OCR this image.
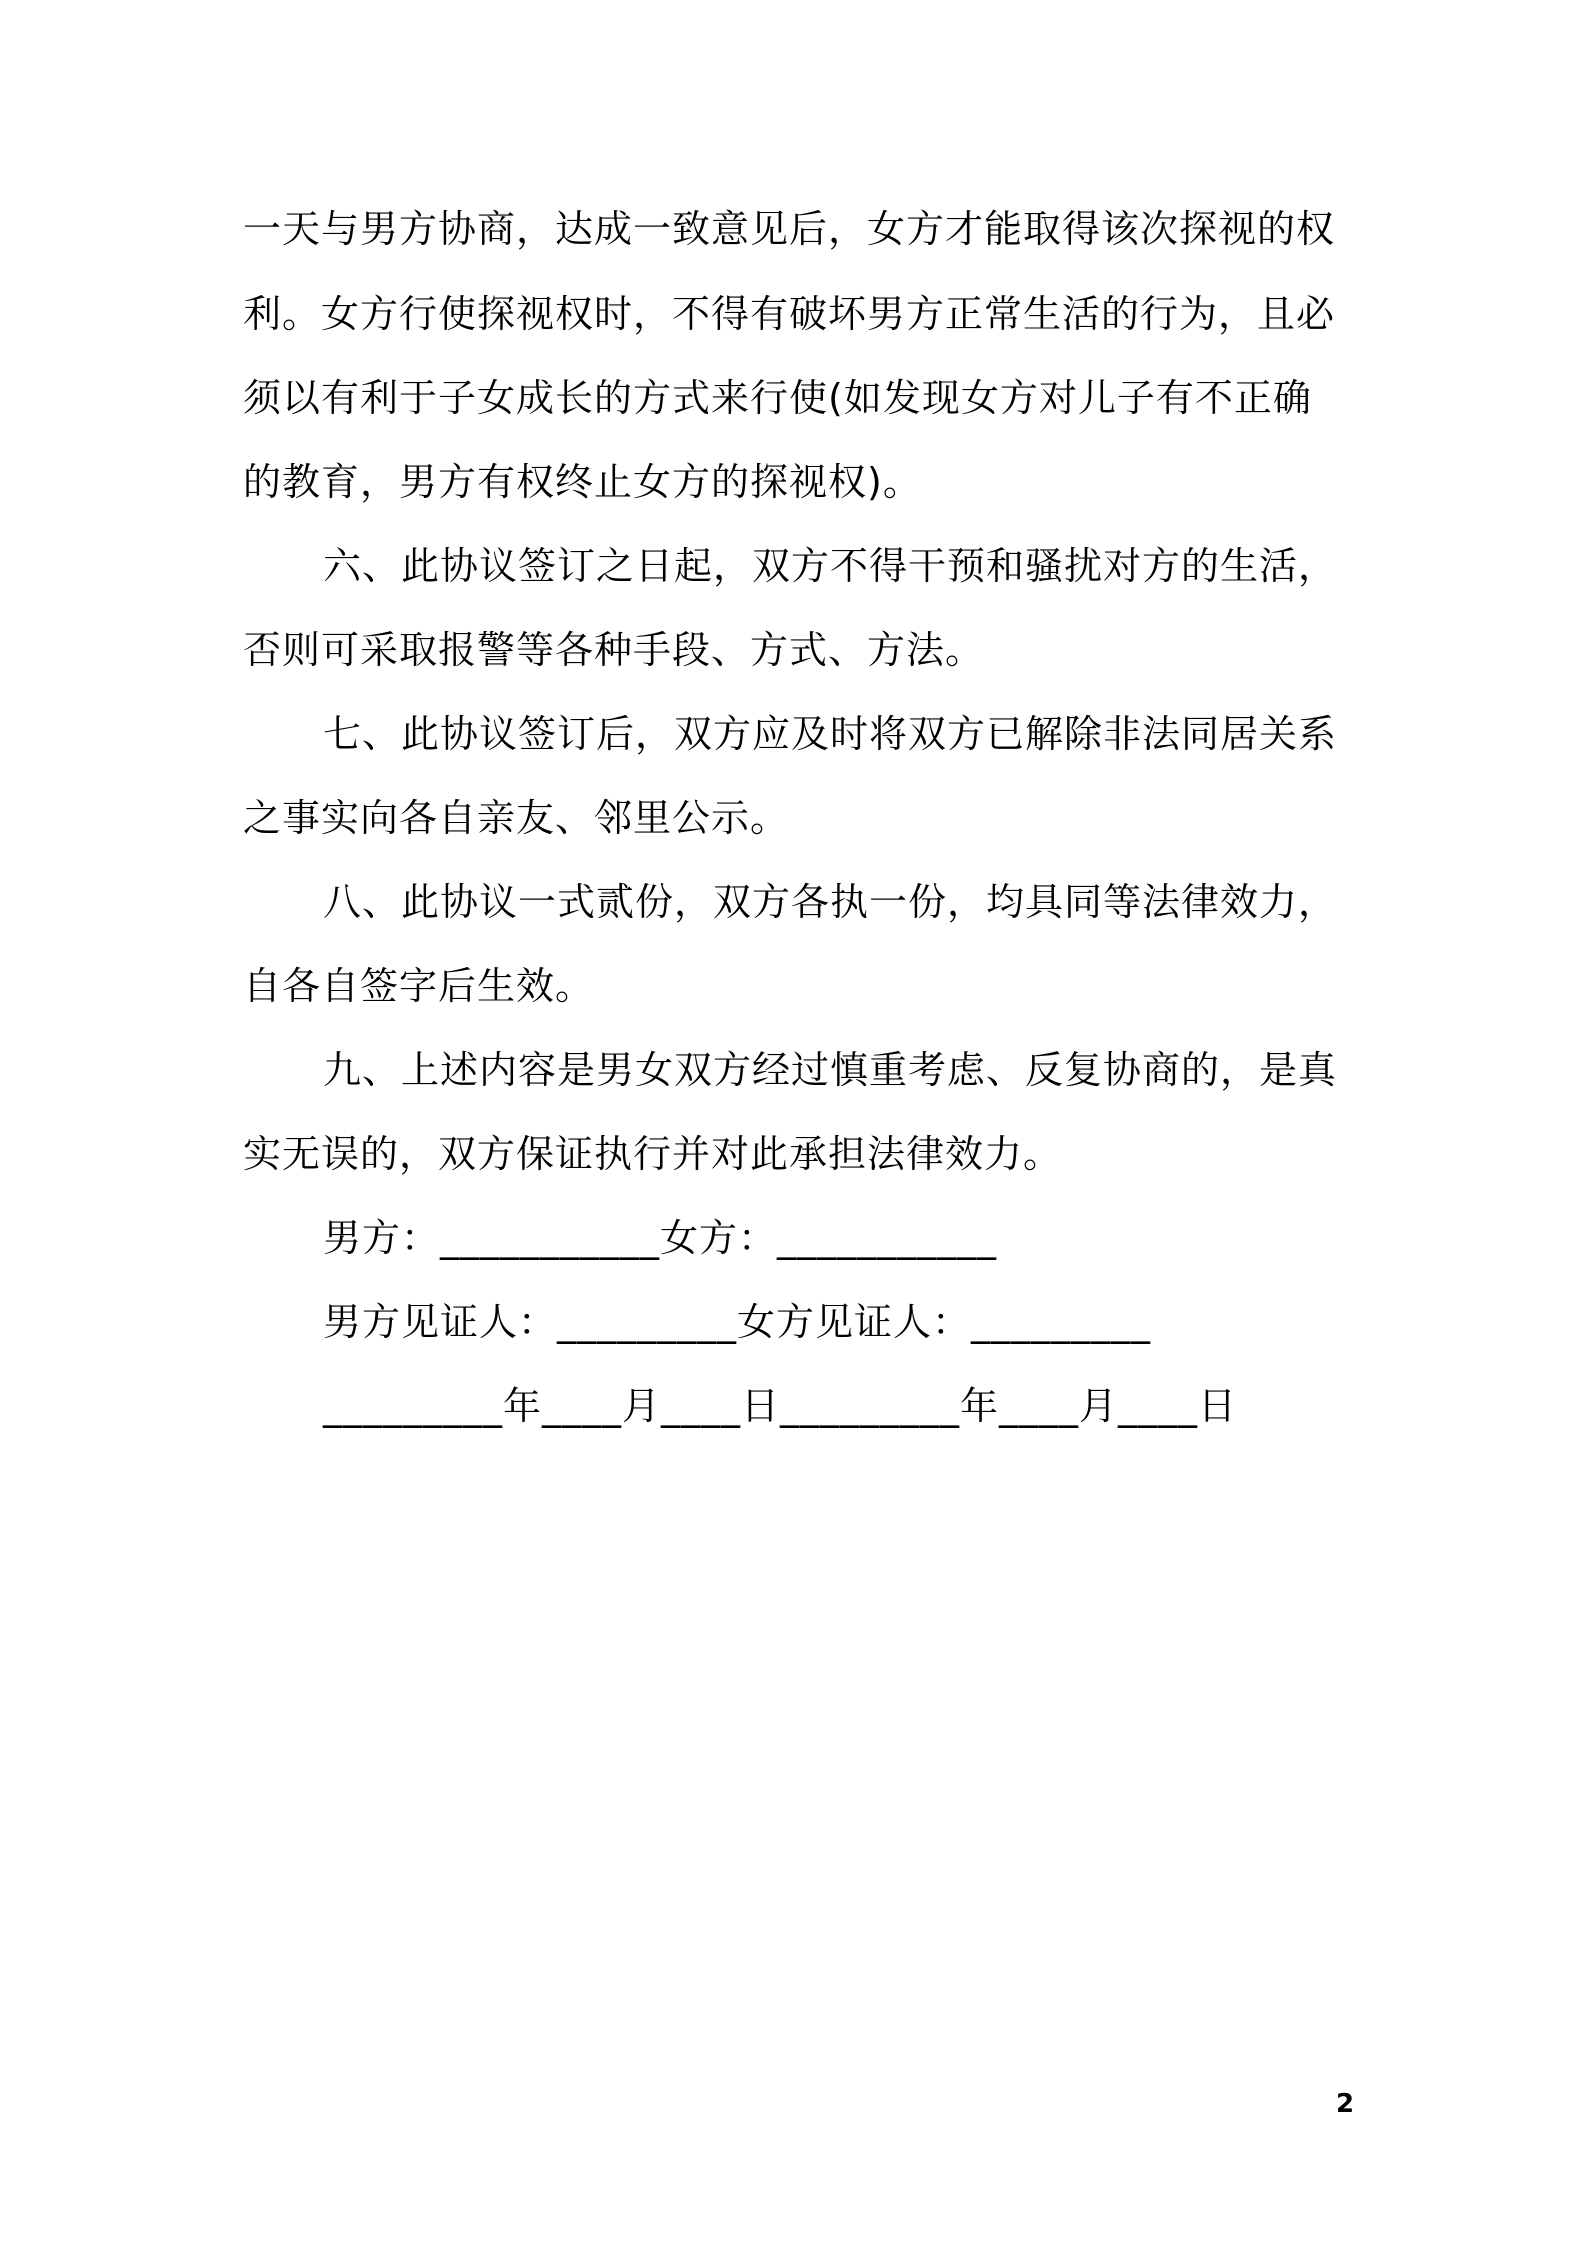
一天与男方协商，达成一致意见后，女方才能取得该次探视的权
利。女方行使探视权时，不得有破坏男方正常生活的行为，且必
须以有利于子女成长的方式来行使(如发现女方对儿子有不正确
的教育，男方有权终止女方的探视权)。
六、此协议签订之日起，双方不得干预和骚扰对方的生活，
否则可采取报警等各种手段、方式、方法。
七、此协议签订后，双方应及时将双方已解除非法同居关系
之事实向各自亲友、邻里公示。
八、此协议一式贰份，双方各执一份，均具同等法律效力，
自各自签字后生效。
九、上述内容是男女双方经过慎重考虑、反复协商的，是真
实无误的，双方保证执行并对此承担法律效力。
男方：___________女方：___________
男方见证人：_________女方见证人：_________
_________年____月____日_________年____月____日
2
